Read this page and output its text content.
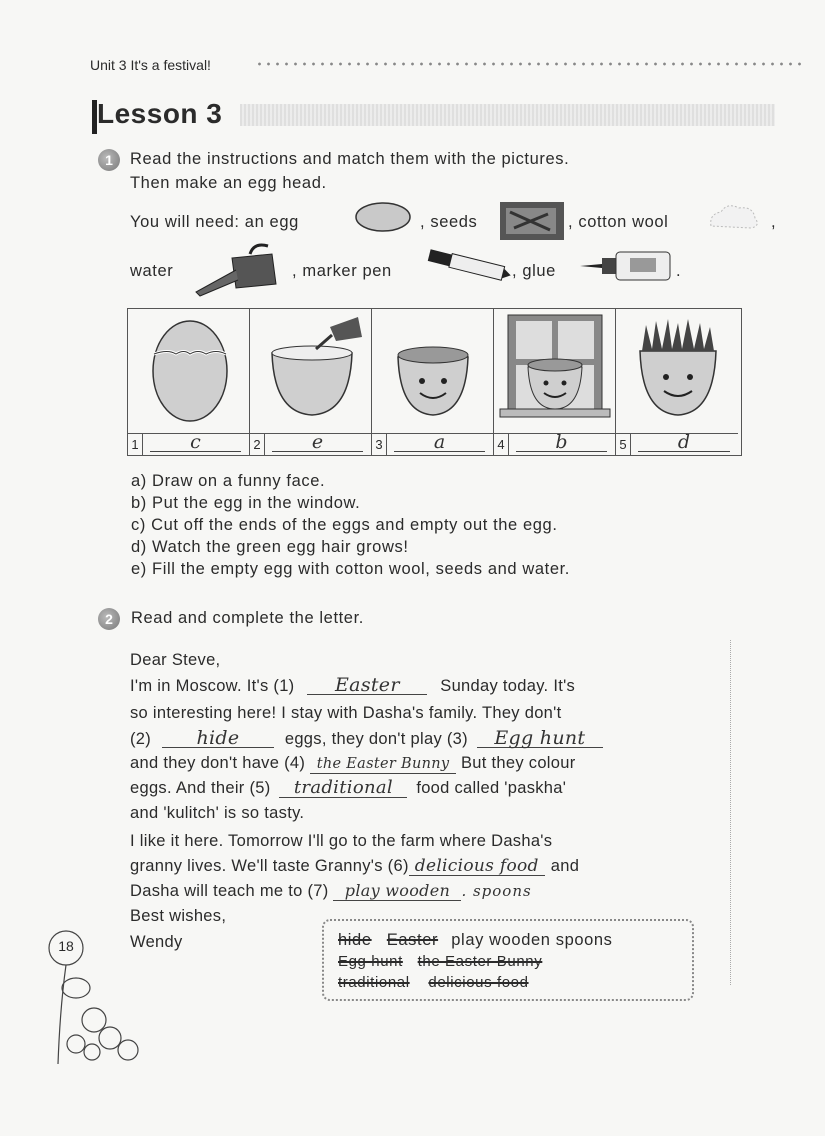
Unit 3 It's a festival!
Lesson 3
1	Read the instructions and match them with the pictures.
Then make an egg head.
You will need: an egg	, seeds	, cotton wool	,
water	, marker pen	, glue	.
1	c	2	e	3	a	4	b	5	d
a) Draw on a funny face.
b) Put the egg in the window.
c) Cut off the ends of the eggs and empty out the egg.
d) Watch the green egg hair grows!
e) Fill the empty egg with cotton wool, seeds and water.
2	Read and complete the letter.
Dear Steve,
I'm in Moscow. It's (1) Easter Sunday today. It's
so interesting here! I stay with Dasha's family. They don't
(2) hide	eggs, they don't play (3) Egg hunt
and they don't have (4) the Easter Bunny But they colour
eggs. And their (5) traditional food called 'paskha'
and 'kulitch' is so tasty.
I like it here. Tomorrow I'll go to the farm where Dasha's
granny lives. We'll taste Granny's (6) delicious food and
Dasha will teach me to (7) play wooden . spoons
Best wishes,
Wendy	hide Easter play wooden spoons
Egg hunt the Easter Bunny
traditional delicious food
18
